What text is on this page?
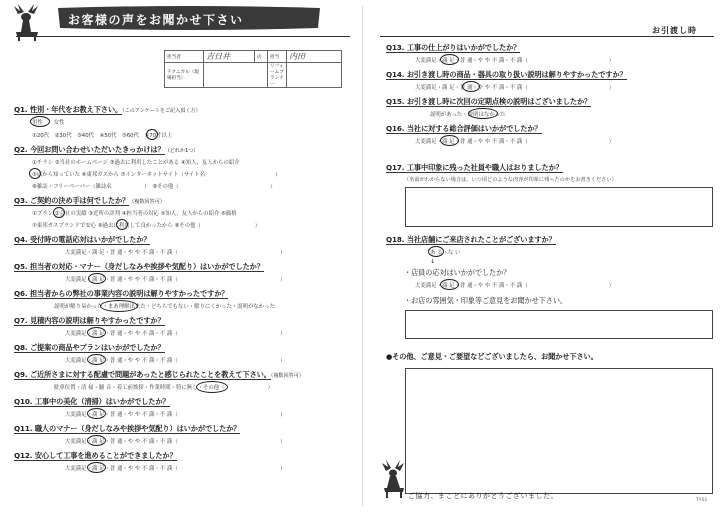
お客様の声をお聞かせ下さい
担当者	吉日井	店	担当	内田
テクニカル（現場担当）			リフォームプランナー	
Q1. 性別・年代をお教え下さい。（このアンケートをご記入頂く方）
男性　　女性
①20代　②30代　③40代　④50代　⑤60代　⑥70才以上
Q2. 今回お問い合わせいただいたきっかけは？（どれか1つ）
①チラシ ②当社のホームページ ③過去に利用したことがある ④知人、友人からの紹介
⑤店から知っていた ⑥東邦ガスから ⑦インターネットサイト（サイト名　　　　　　　　　　　　　）
⑧雑誌・フリーペーパー（雑誌名　　　　　　）　⑨その他（　　　　　　　　　　　　　　　　　）
Q3. ご契約の決め手は何でしたか？（複数回答可）
①プラン ②会社の実績 ③近所の評判 ④担当者の対応 ⑤知人、友人からの紹介 ⑥価格
⑦東邦ガスブランドで安心 ⑧過去に利用して良かったから ⑨その他（　　　　　　　　　　）
Q4. 受付時の電話応対はいかがでしたか？
大変満足・満 足・普 通・や や 不 満・不 満（　　　　　　　　　　　　　　　　　　　）
Q5. 担当者の対応・マナー（身だしなみや挨拶や気配り）はいかがでしたか？
大変満足・満 足・普 通・や や 不 満・不 満（　　　　　　　　　　　　　　　　　　　）
Q6. 担当者からの弊社の事業内容の説明は解りやすかったですか？
説明が解り易かった・まあ理解出来た・どちらでもない・解りにくかった・説明がなかった
Q7. 見積内容の説明は解りやすかったですか？
大変満足・満 足・普 通・や や 不 満・不 満（　　　　　　　　　　　　　　　　　　　）
Q8. ご提案の商品やプランはいかがでしたか？
大変満足・満 足・普 通・や や 不 満・不 満（　　　　　　　　　　　　　　　　　　　）
Q9. ご近所さまに対する配慮で問題があったと感じられたことを教えて下さい。（複数回答可）
駐車位置・清 掃・騒 音・着工前挨拶・作業時間・特に無し・その他（　　　　　　　　）
Q10. 工事中の美化（清掃）はいかがでしたか？
大変満足・満 足・普 通・や や 不 満・不 満（　　　　　　　　　　　　　　　　　　　）
Q11. 職人のマナー（身だしなみや挨拶や気配り）はいかがでしたか？
大変満足・満 足・普 通・や や 不 満・不 満（　　　　　　　　　　　　　　　　　　　）
Q12. 安心して工事を進めることができましたか？
大変満足・満 足・普 通・や や 不 満・不 満（　　　　　　　　　　　　　　　　　　　）
お引渡し時
Q13. 工事の仕上がりはいかがでしたか？
大変満足・満 足・普 通・や や 不 満・不 満（　　　　　　　　　　　　　　　）
Q14. お引き渡し時の商品・器具の取り扱い説明は解りやすかったですか？
大変満足・満 足・普 通・や や 不 満・不 満（　　　　　　　　　　　　　　　）
Q15. お引き渡し時に次回の定期点検の説明はございましたか？
説明があった・説明はなかった
Q16. 当社に対する総合評価はいかがでしたか？
大変満足・満 足・普 通・や や 不 満・不 満（　　　　　　　　　　　　　　　）
Q17. 工事中印象に残った社員や職人はおりましたか？
（名前がわからない場合は、いつ頃どのような内容が印象に残ったのかをお書きください）
Q18. 当社店舗にご来店されたことがございますか？
あ る・な い
↓
・店員の応対はいかがでしたか？
大変満足・満 足・普 通・や や 不 満・不 満（　　　　　　　　　　　　　　　）
・お店の雰囲気・印象等ご意見をお聞かせ下さい。
●その他、ご意見・ご要望などございましたら、お聞かせ下さい。
ご協力、まことにありがとうございました。
TY01
